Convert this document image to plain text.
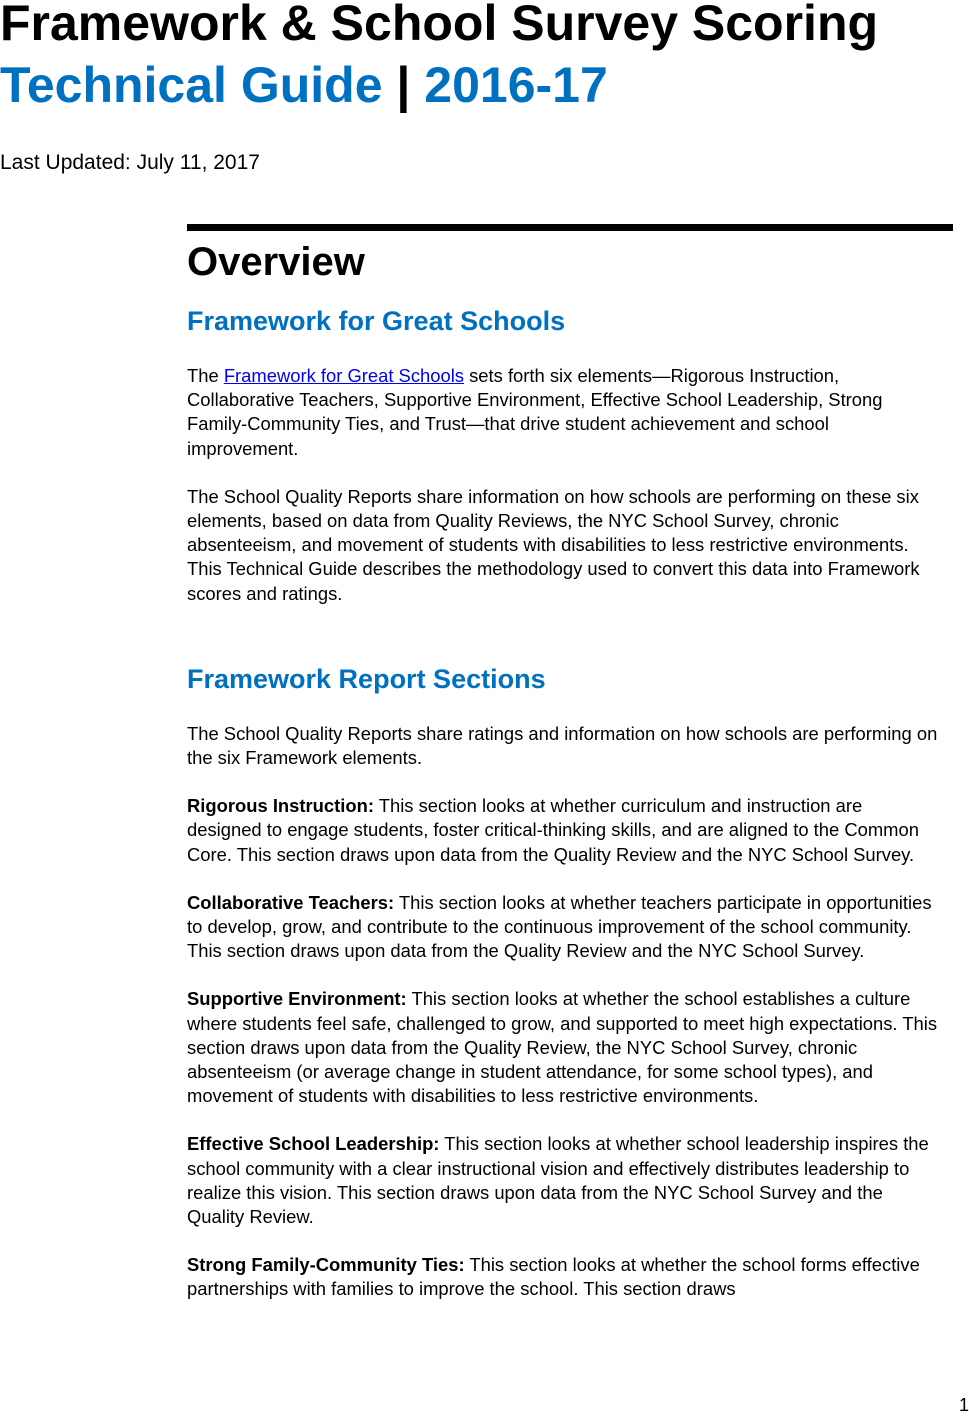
Framework & School Survey Scoring
Technical Guide | 2016-17

Last Updated: July 11, 2017

Overview
Framework for Great Schools

The Framework for Great Schools sets forth six elements—Rigorous Instruction, Collaborative Teachers, Supportive Environment, Effective School Leadership, Strong Family-Community Ties, and Trust—that drive student achievement and school improvement.

The School Quality Reports share information on how schools are performing on these six elements, based on data from Quality Reviews, the NYC School Survey, chronic absenteeism, and movement of students with disabilities to less restrictive environments. This Technical Guide describes the methodology used to convert this data into Framework scores and ratings.

Framework Report Sections

The School Quality Reports share ratings and information on how schools are performing on the six Framework elements.

Rigorous Instruction: This section looks at whether curriculum and instruction are designed to engage students, foster critical-thinking skills, and are aligned to the Common Core. This section draws upon data from the Quality Review and the NYC School Survey.

Collaborative Teachers: This section looks at whether teachers participate in opportunities to develop, grow, and contribute to the continuous improvement of the school community. This section draws upon data from the Quality Review and the NYC School Survey.

Supportive Environment: This section looks at whether the school establishes a culture where students feel safe, challenged to grow, and supported to meet high expectations. This section draws upon data from the Quality Review, the NYC School Survey, chronic absenteeism (or average change in student attendance, for some school types), and movement of students with disabilities to less restrictive environments.

Effective School Leadership: This section looks at whether school leadership inspires the school community with a clear instructional vision and effectively distributes leadership to realize this vision. This section draws upon data from the NYC School Survey and the Quality Review.

Strong Family-Community Ties: This section looks at whether the school forms effective partnerships with families to improve the school. This section draws

1
